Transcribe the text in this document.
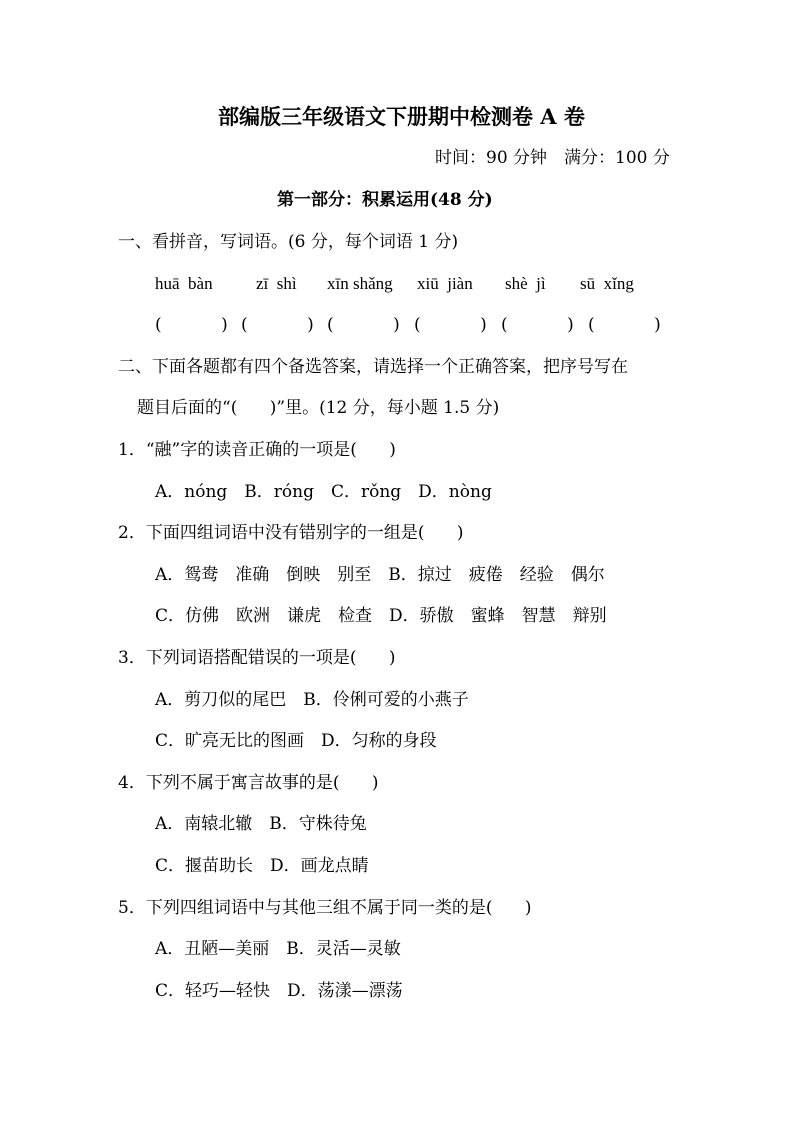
部编版三年级语文下册期中检测卷 A 卷
时间：90 分钟　满分：100 分
第一部分：积累运用(48 分)
一、看拼音，写词语。(6 分，每个词语 1 分)
huā  bàn	zī  shì xīn shǎng xiū  jiàn shè  jì sū  xǐng
(           ) (           ) (           ) (           ) (           ) (           )
二、下面各题都有四个备选答案，请选择一个正确答案，把序号写在
题目后面的“(      )”里。(12 分，每小题 1.5 分)
1．“融”字的读音正确的一项是(      )
A．nóng　B．róng　C．rǒng　D．nòng
2．下面四组词语中没有错别字的一组是(      )
A．鸳鸯　准确　倒映　别至　B．掠过　疲倦　经验　偶尔
C．仿佛　欧洲　谦虎　检查　D．骄傲　蜜蜂　智慧　辩别
3．下列词语搭配错误的一项是(      )
A．剪刀似的尾巴　B．伶俐可爱的小燕子
C．旷亮无比的图画　D．匀称的身段
4．下列不属于寓言故事的是(      )
A．南辕北辙　B．守株待兔
C．揠苗助长　D．画龙点睛
5．下列四组词语中与其他三组不属于同一类的是(      )
A．丑陋—美丽　B．灵活—灵敏
C．轻巧—轻快　D．荡漾—漂荡
